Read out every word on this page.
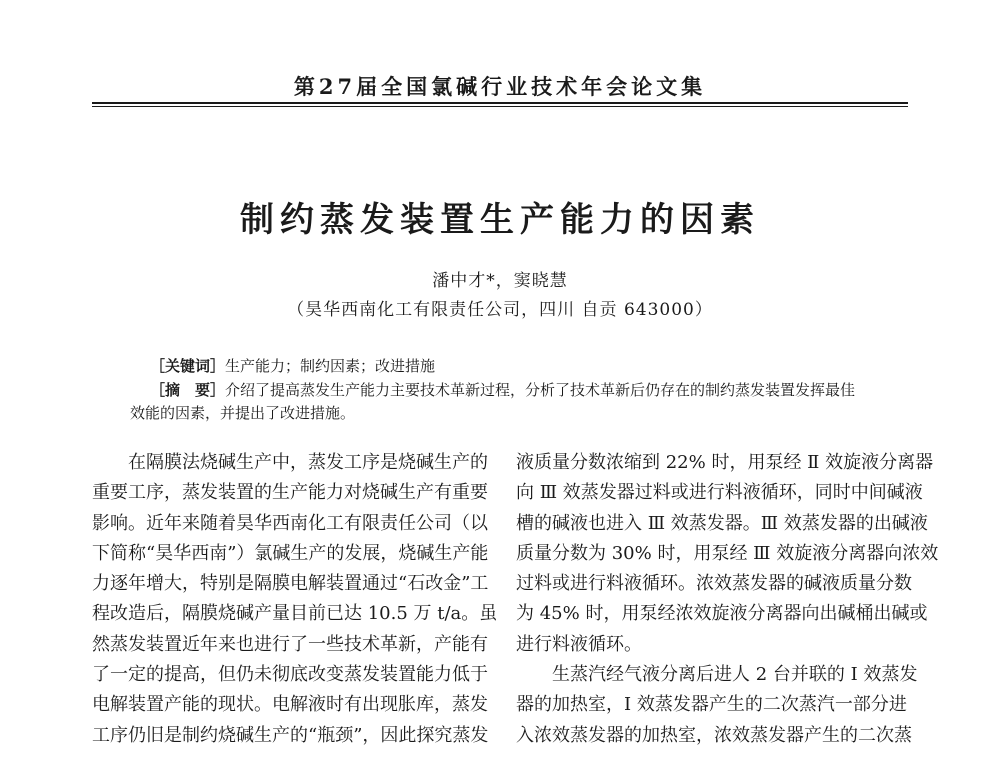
第27届全国氯碱行业技术年会论文集
制约蒸发装置生产能力的因素
潘中才*，窦晓慧
（昊华西南化工有限责任公司，四川 自贡 643000）
［关键词］生产能力；制约因素；改进措施
［摘　要］介绍了提高蒸发生产能力主要技术革新过程，分析了技术革新后仍存在的制约蒸发装置发挥最佳
效能的因素，并提出了改进措施。
　　在隔膜法烧碱生产中，蒸发工序是烧碱生产的
重要工序，蒸发装置的生产能力对烧碱生产有重要
影响。近年来随着昊华西南化工有限责任公司（以
下简称“昊华西南”）氯碱生产的发展，烧碱生产能
力逐年增大，特别是隔膜电解装置通过“石改金”工
程改造后，隔膜烧碱产量目前已达 10.5 万 t/a。虽
然蒸发装置近年来也进行了一些技术革新，产能有
了一定的提高，但仍未彻底改变蒸发装置能力低于
电解装置产能的现状。电解液时有出现胀库，蒸发
工序仍旧是制约烧碱生产的“瓶颈”，因此探究蒸发
液质量分数浓缩到 22% 时，用泵经 Ⅱ 效旋液分离器
向 Ⅲ 效蒸发器过料或进行料液循环，同时中间碱液
槽的碱液也进入 Ⅲ 效蒸发器。Ⅲ 效蒸发器的出碱液
质量分数为 30% 时，用泵经 Ⅲ 效旋液分离器向浓效
过料或进行料液循环。浓效蒸发器的碱液质量分数
为 45% 时，用泵经浓效旋液分离器向出碱桶出碱或
进行料液循环。
　　生蒸汽经气液分离后进人 2 台并联的 Ⅰ 效蒸发
器的加热室，Ⅰ 效蒸发器产生的二次蒸汽一部分进
入浓效蒸发器的加热室，浓效蒸发器产生的二次蒸
